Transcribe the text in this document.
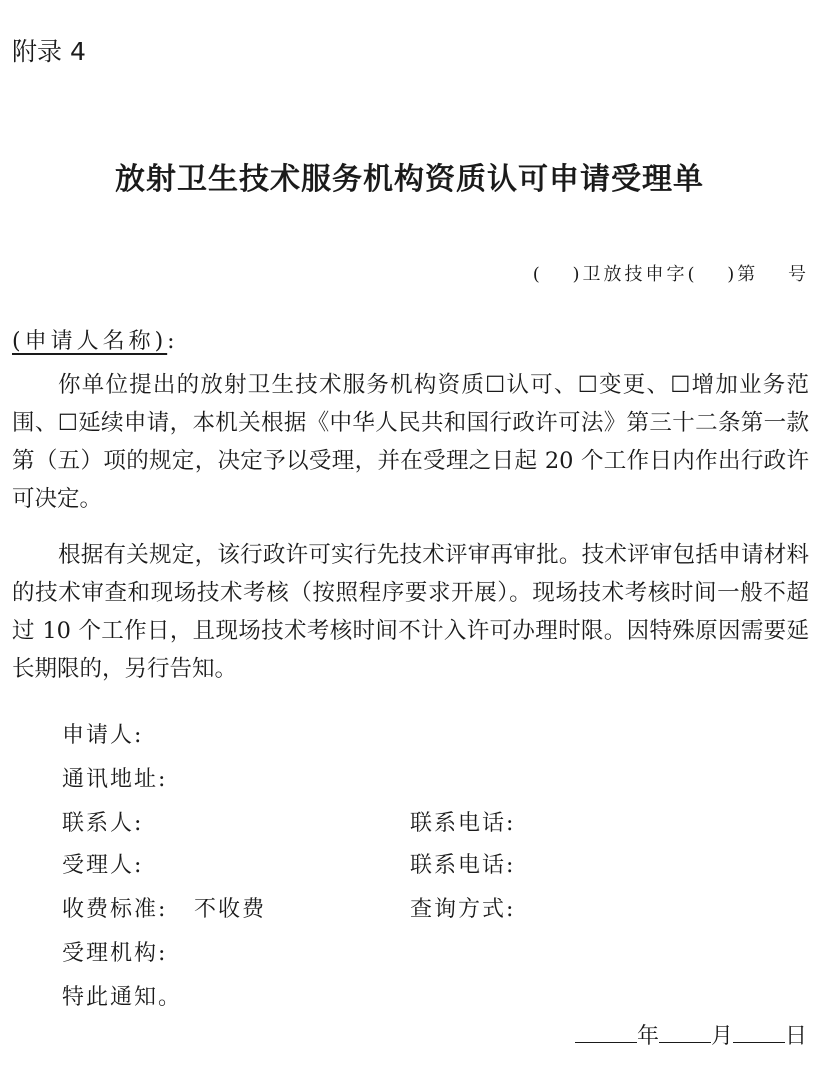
附录 4
放射卫生技术服务机构资质认可申请受理单
(　 )卫放技申字(　 )第　 号
(申请人名称):

你单位提出的放射卫生技术服务机构资质☐认可、☐变更、☐增加业务范围、☐延续申请，本机关根据《中华人民共和国行政许可法》第三十二条第一款第（五）项的规定，决定予以受理，并在受理之日起 20 个工作日内作出行政许可决定。

根据有关规定，该行政许可实行先技术评审再审批。技术评审包括申请材料的技术审查和现场技术考核（按照程序要求开展）。现场技术考核时间一般不超过 10 个工作日，且现场技术考核时间不计入许可办理时限。因特殊原因需要延长期限的，另行告知。

申请人:
通讯地址:
联系人:	联系电话:
受理人:	联系电话:
收费标准: 不收费	查询方式:
受理机构:
特此通知。
年 月 日
